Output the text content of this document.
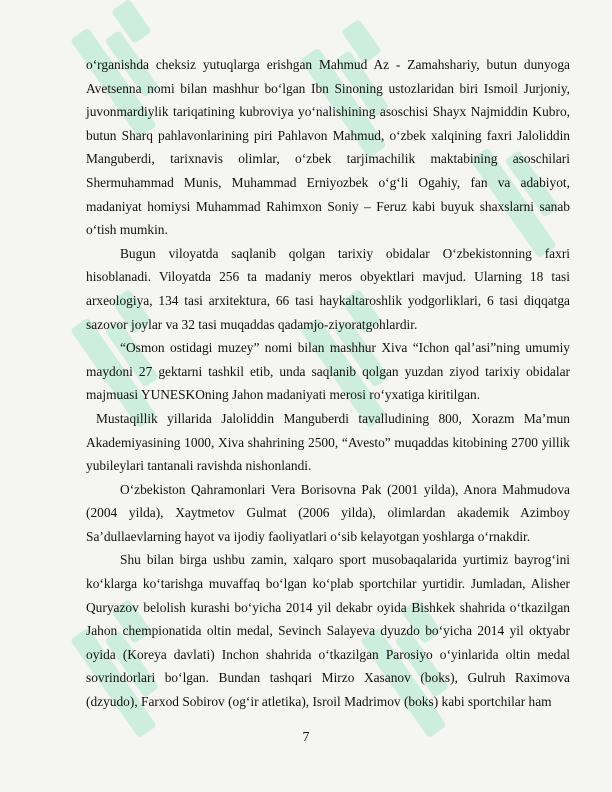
o‘rganishda cheksiz yutuqlarga erishgan Mahmud Az - Zamahshariy, butun dunyoga Avetsenna nomi bilan mashhur bo‘lgan Ibn Sinoning ustozlaridan biri Ismoil Jurjoniy, juvonmardiylik tariqatining kubroviya yo‘nalishining asoschisi Shayx Najmiddin Kubro, butun Sharq pahlavonlarining piri Pahlavon Mahmud, o‘zbek xalqining faxri Jaloliddin Manguberdi, tarixnavis olimlar, o‘zbek tarjimachilik maktabining asoschilari Shermuhammad Munis, Muhammad Erniyozbek o‘g‘li Ogahiy, fan va adabiyot, madaniyat homiysi Muhammad Rahimxon Soniy – Feruz kabi buyuk shaxslarni sanab o‘tish mumkin.

Bugun viloyatda saqlanib qolgan tarixiy obidalar O‘zbekistonning faxri hisoblanadi. Viloyatda 256 ta madaniy meros obyektlari mavjud. Ularning 18 tasi arxeologiya, 134 tasi arxitektura, 66 tasi haykaltaroshlik yodgorliklari, 6 tasi diqqatga sazovor joylar va 32 tasi muqaddas qadamjo-ziyoratgohlardir.

“Osmon ostidagi muzey” nomi bilan mashhur Xiva “Ichon qal’asi”ning umumiy maydoni 27 gektarni tashkil etib, unda saqlanib qolgan yuzdan ziyod tarixiy obidalar majmuasi YUNESKOning Jahon madaniyati merosi ro‘yxatiga kiritilgan.

Mustaqillik yillarida Jaloliddin Manguberdi tavalludining 800, Xorazm Ma’mun Akademiyasining 1000, Xiva shahrining 2500, “Avesto” muqaddas kitobining 2700 yillik yubileylari tantanali ravishda nishonlandi.

O‘zbekiston Qahramonlari Vera Borisovna Pak (2001 yilda), Anora Mahmudova (2004 yilda), Xaytmetov Gulmat (2006 yilda), olimlardan akademik Azimboy Sa’dullaevlarning hayot va ijodiy faoliyatlari o‘sib kelayotgan yoshlarga o‘rnakdir.

Shu bilan birga ushbu zamin, xalqaro sport musobaqalarida yurtimiz bayrog‘ini ko‘klarga ko‘tarishga muvaffaq bo‘lgan ko‘plab sportchilar yurtidir. Jumladan, Alisher Quryazov belolish kurashi bo‘yicha 2014 yil dekabr oyida Bishkek shahrida o‘tkazilgan Jahon chempionatida oltin medal, Sevinch Salayeva dyuzdo bo‘yicha 2014 yil oktyabr oyida (Koreya davlati) Inchon shahrida o‘tkazilgan Parosiyo o‘yinlarida oltin medal sovrindorlari bo‘lgan. Bundan tashqari Mirzo Xasanov (boks), Gulruh Raximova (dzyudo), Farxod Sobirov (og‘ir atletika), Isroil Madrimov (boks) kabi sportchilar ham

7
